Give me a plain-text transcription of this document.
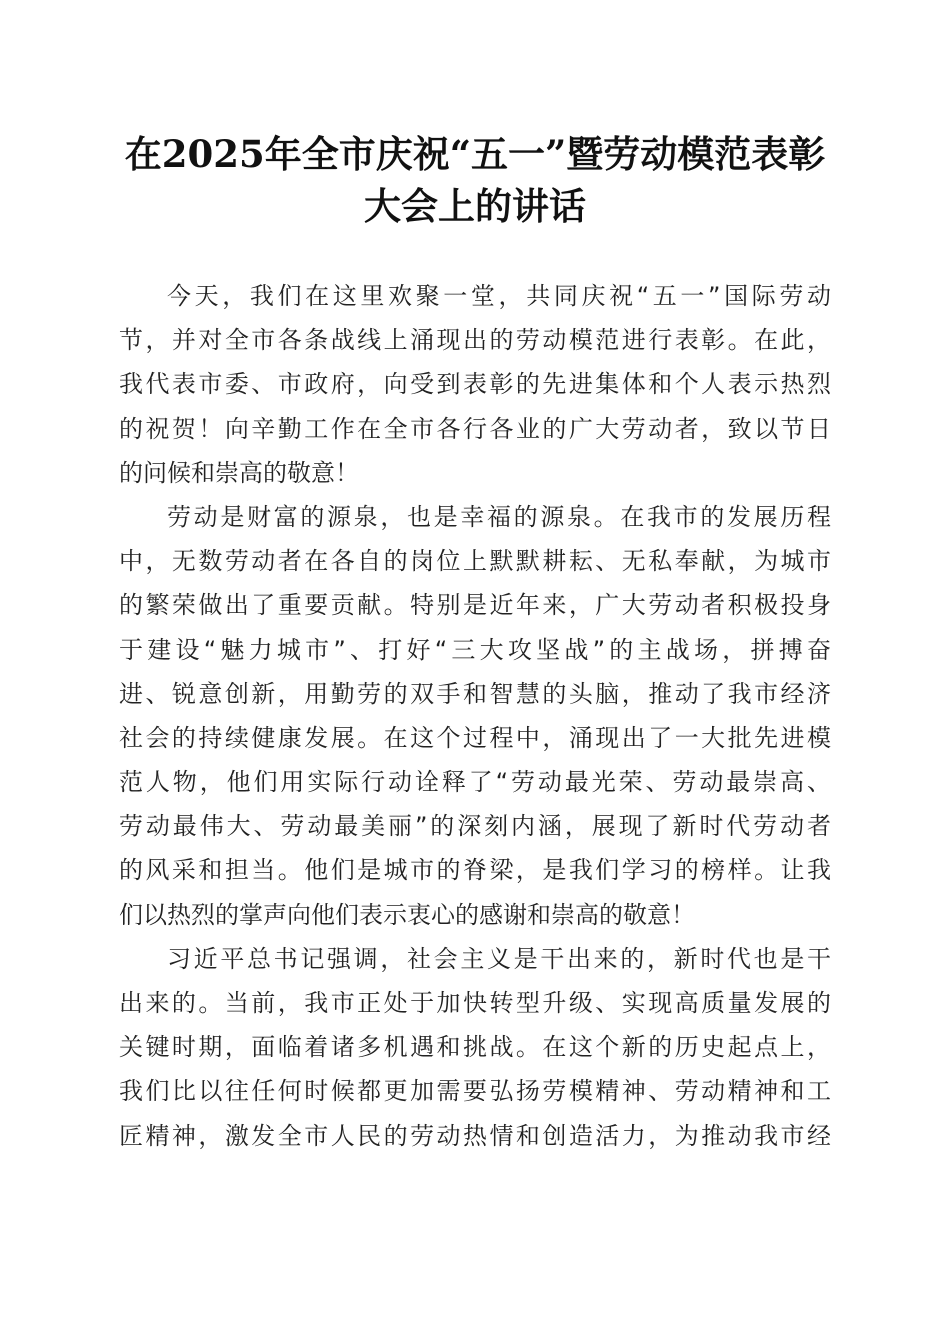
在2025年全市庆祝“五一”暨劳动模范表彰
大会上的讲话
今天，我们在这里欢聚一堂，共同庆祝“五一”国际劳动
节，并对全市各条战线上涌现出的劳动模范进行表彰。在此，
我代表市委、市政府，向受到表彰的先进集体和个人表示热烈
的祝贺！向辛勤工作在全市各行各业的广大劳动者，致以节日
的问候和崇高的敬意！
劳动是财富的源泉，也是幸福的源泉。在我市的发展历程
中，无数劳动者在各自的岗位上默默耕耘、无私奉献，为城市
的繁荣做出了重要贡献。特别是近年来，广大劳动者积极投身
于建设“魅力城市”、打好“三大攻坚战”的主战场，拼搏奋
进、锐意创新，用勤劳的双手和智慧的头脑，推动了我市经济
社会的持续健康发展。在这个过程中，涌现出了一大批先进模
范人物，他们用实际行动诠释了“劳动最光荣、劳动最崇高、
劳动最伟大、劳动最美丽”的深刻内涵，展现了新时代劳动者
的风采和担当。他们是城市的脊梁，是我们学习的榜样。让我
们以热烈的掌声向他们表示衷心的感谢和崇高的敬意！
习近平总书记强调，社会主义是干出来的，新时代也是干
出来的。当前，我市正处于加快转型升级、实现高质量发展的
关键时期，面临着诸多机遇和挑战。在这个新的历史起点上，
我们比以往任何时候都更加需要弘扬劳模精神、劳动精神和工
匠精神，激发全市人民的劳动热情和创造活力，为推动我市经
